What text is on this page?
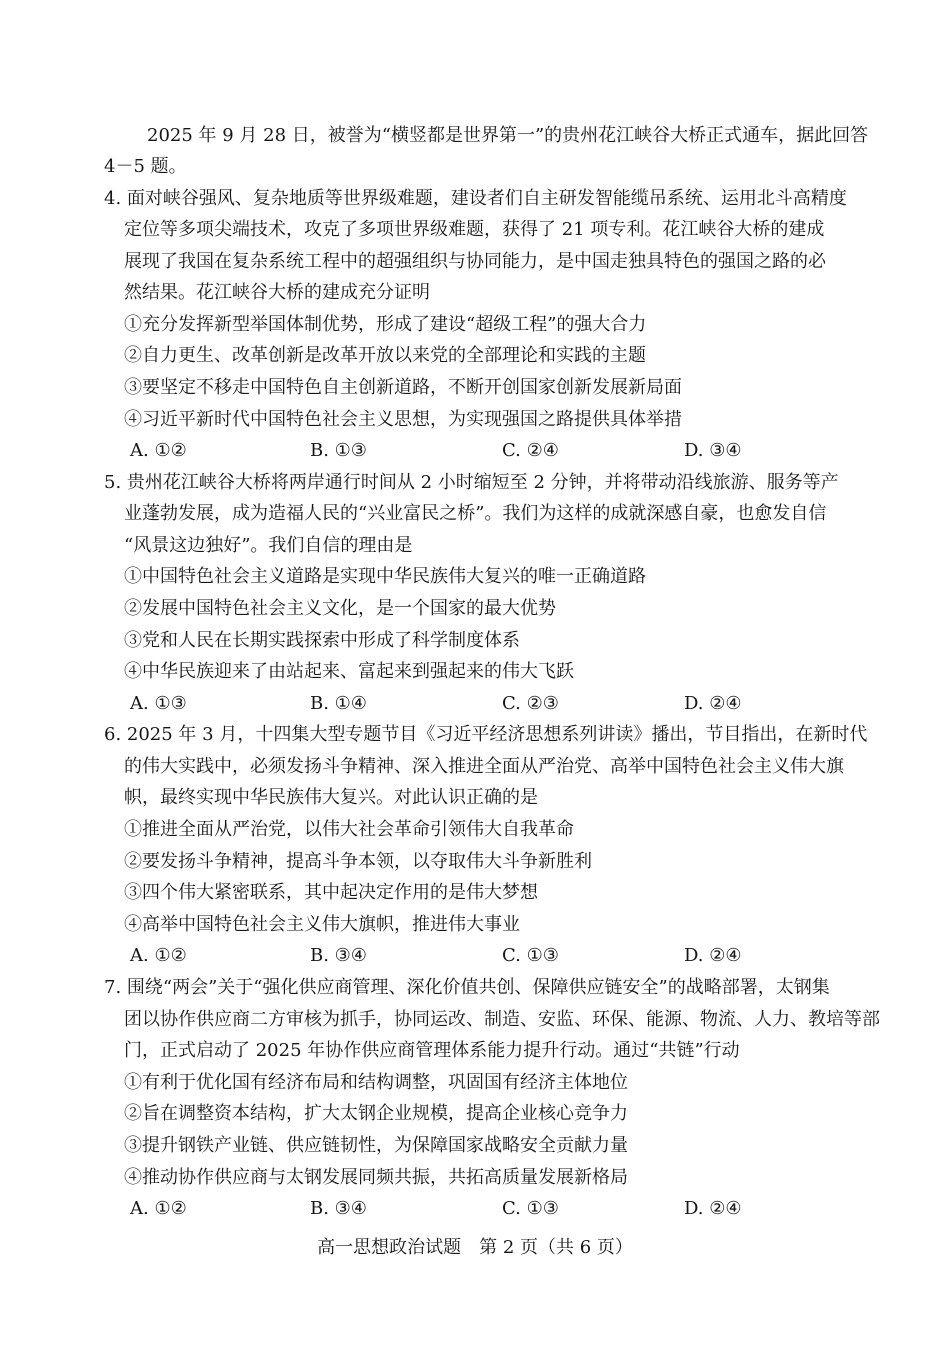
2025 年 9 月 28 日，被誉为“横竖都是世界第一”的贵州花江峡谷大桥正式通车，据此回答
4－5 题。
4. 面对峡谷强风、复杂地质等世界级难题，建设者们自主研发智能缆吊系统、运用北斗高精度
定位等多项尖端技术，攻克了多项世界级难题，获得了 21 项专利。花江峡谷大桥的建成
展现了我国在复杂系统工程中的超强组织与协同能力，是中国走独具特色的强国之路的必
然结果。花江峡谷大桥的建成充分证明
①充分发挥新型举国体制优势，形成了建设“超级工程”的强大合力
②自力更生、改革创新是改革开放以来党的全部理论和实践的主题
③要坚定不移走中国特色自主创新道路，不断开创国家创新发展新局面
④习近平新时代中国特色社会主义思想，为实现强国之路提供具体举措
A. ①②	B. ①③	C. ②④	D. ③④
5. 贵州花江峡谷大桥将两岸通行时间从 2 小时缩短至 2 分钟，并将带动沿线旅游、服务等产
业蓬勃发展，成为造福人民的“兴业富民之桥”。我们为这样的成就深感自豪，也愈发自信
“风景这边独好”。我们自信的理由是
①中国特色社会主义道路是实现中华民族伟大复兴的唯一正确道路
②发展中国特色社会主义文化，是一个国家的最大优势
③党和人民在长期实践探索中形成了科学制度体系
④中华民族迎来了由站起来、富起来到强起来的伟大飞跃
A. ①③	B. ①④	C. ②③	D. ②④
6. 2025 年 3 月，十四集大型专题节目《习近平经济思想系列讲读》播出，节目指出，在新时代
的伟大实践中，必须发扬斗争精神、深入推进全面从严治党、高举中国特色社会主义伟大旗
帜，最终实现中华民族伟大复兴。对此认识正确的是
①推进全面从严治党，以伟大社会革命引领伟大自我革命
②要发扬斗争精神，提高斗争本领，以夺取伟大斗争新胜利
③四个伟大紧密联系，其中起决定作用的是伟大梦想
④高举中国特色社会主义伟大旗帜，推进伟大事业
A. ①②	B. ③④	C. ①③	D. ②④
7. 围绕“两会”关于“强化供应商管理、深化价值共创、保障供应链安全”的战略部署，太钢集
团以协作供应商二方审核为抓手，协同运改、制造、安监、环保、能源、物流、人力、教培等部
门，正式启动了 2025 年协作供应商管理体系能力提升行动。通过“共链”行动
①有利于优化国有经济布局和结构调整，巩固国有经济主体地位
②旨在调整资本结构，扩大太钢企业规模，提高企业核心竞争力
③提升钢铁产业链、供应链韧性，为保障国家战略安全贡献力量
④推动协作供应商与太钢发展同频共振，共拓高质量发展新格局
A. ①②	B. ③④	C. ①③	D. ②④
高一思想政治试题　第 2 页（共 6 页）
